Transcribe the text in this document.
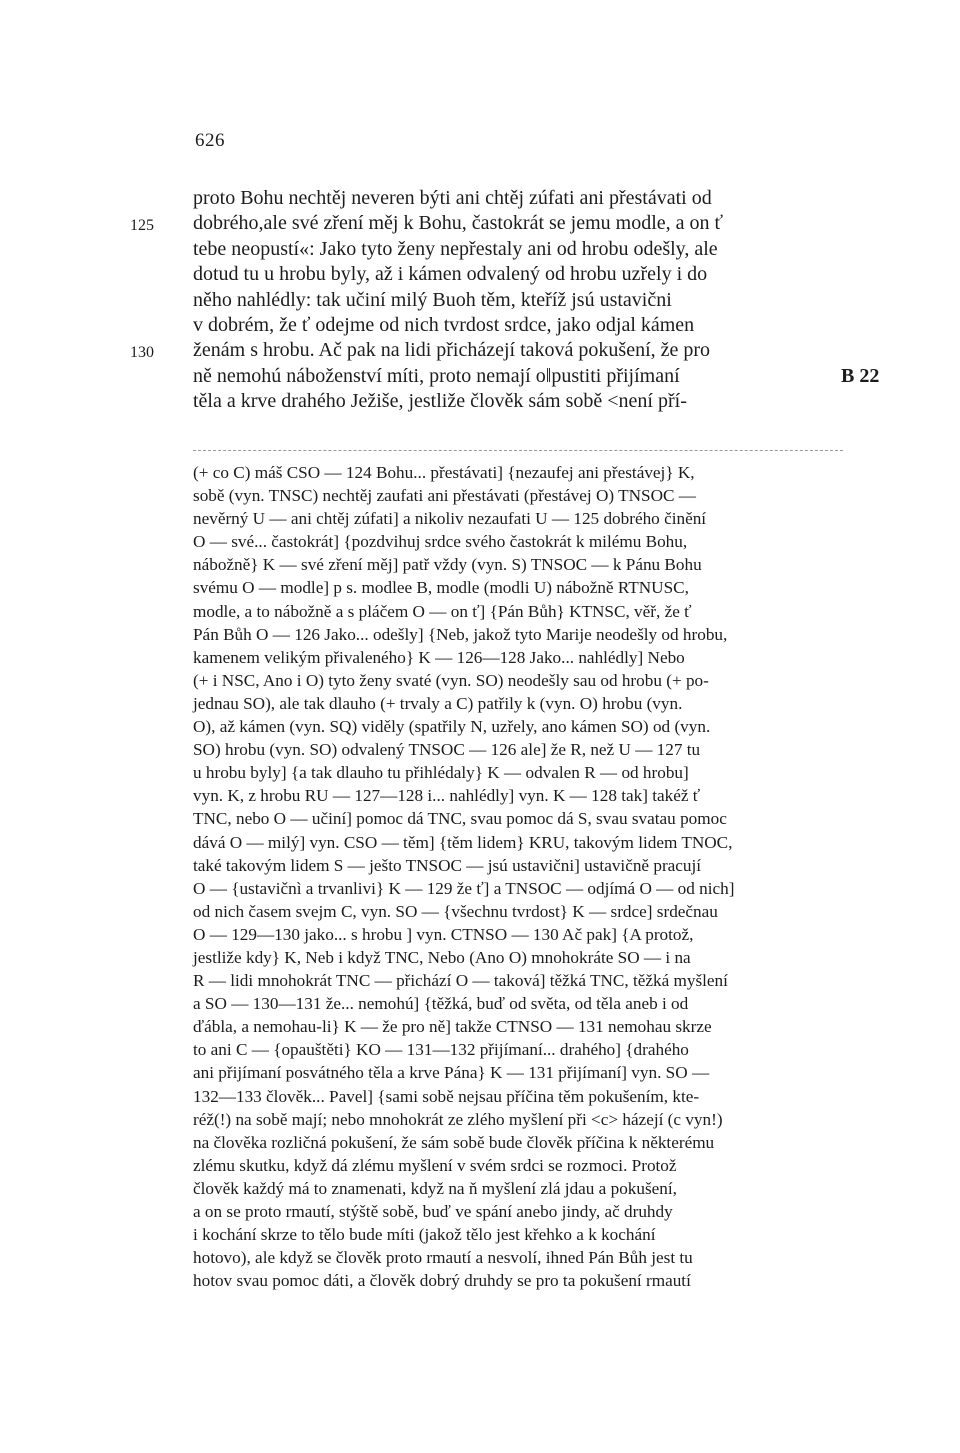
626
proto Bohu nechtěj neveren býti ani chtěj zúfati ani přestávati od
125	dobrého,ale své zření měj k Bohu, častokrát se jemu modle, a on ť
tebe neopustí«: Jako tyto ženy nepřestaly ani od hrobu odešly, ale
dotud tu u hrobu byly, až i kámen odvalený od hrobu uzřely i do
něho nahlédly: tak učiní milý Buoh těm, kteříž jsú ustavični
v dobrém, že ť odejme od nich tvrdost srdce, jako odjal kámen
130	ženám s hrobu. Ač pak na lidi přicházejí taková pokušení, že pro
ně nemohú náboženství míti, proto nemají o‖pustiti přijímaní	B 22
těla a krve drahého Ježiše, jestliže člověk sám sobě <není pří-
(+ co C) máš CSO — 124 Bohu... přestávati] {nezaufej ani přestávej} K,sobě (vyn. TNSC) nechtěj zaufati ani přestávati (přestávej O) TNSOC —nevěrný U — ani chtěj zúfati] a nikoliv nezaufati U — 125 dobrého činěníO — své... častokrát] {pozdvihuj srdce svého častokrát k milému Bohu,nábožně} K — své zření měj] patř vždy (vyn. S) TNSOC — k Pánu Bohusvému O — modle] p s. modlee B, modle (modli U) nábožně RTNUSC,modle, a to nábožně a s pláčem O — on ť] {Pán Bůh} KTNSC, věř, že ťPán Bůh O — 126 Jako... odešly] {Neb, jakož tyto Marije neodešly od hrobu,kamenem velikým přivaleného} K — 126—128 Jako... nahlédly] Nebo(+ i NSC, Ano i O) tyto ženy svaté (vyn. SO) neodešly sau od hrobu (+ po-jednau SO), ale tak dlauho (+ trvaly a C) patřily k (vyn. O) hrobu (vyn.O), až kámen (vyn. SQ) viděly (spatřily N, uzřely, ano kámen SO) od (vyn.SO) hrobu (vyn. SO) odvalený TNSOC — 126 ale] že R, než U — 127 tuu hrobu byly] {a tak dlauho tu přihlédaly} K — odvalen R — od hrobu]vyn. K, z hrobu RU — 127—128 i... nahlédly] vyn. K — 128 tak] takéž ťTNC, nebo O — učiní] pomoc dá TNC, svau pomoc dá S, svau svatau pomocdává O — milý] vyn. CSO — těm] {těm lidem} KRU, takovým lidem TNOC,také takovým lidem S — ješto TNSOC — jsú ustavični] ustavičně pracujíO — {ustavičnì a trvanlivi} K — 129 že ť] a TNSOC — odjímá O — od nich]od nich časem svejm C, vyn. SO — {všechnu tvrdost} K — srdce] srdečnauO — 129—130 jako... s hrobu ] vyn. CTNSO — 130 Ač pak] {A protož,jestliže kdy} K, Neb i když TNC, Nebo (Ano O) mnohokráte SO — i naR — lidi mnohokrát TNC — přichází O — taková] těžká TNC, těžká myšlenía SO — 130—131 že... nemohú] {těžká, buď od světa, od těla aneb i odďábla, a nemohau-li} K — že pro ně] takže CTNSO — 131 nemohau skrzeto ani C — {opauštěti} KO — 131—132 přijímaní... drahého] {drahéhoani přijímaní posvátného těla a krve Pána} K — 131 přijímaní] vyn. SO —132—133 člověk... Pavel] {sami sobě nejsau příčina těm pokušením, kte-réž(!) na sobě mají; nebo mnohokrát ze zlého myšlení při <c> házejí (c vyn!)na člověka rozličná pokušení, že sám sobě bude člověk příčina k některémuzlému skutku, když dá zlému myšlení v svém srdci se rozmoci. Protožčlověk každý má to znamenati, když na ň myšlení zlá jdau a pokušení,a on se proto rmautí, stýště sobě, buď ve spání anebo jindy, ač druhdyi kochání skrze to tělo bude míti (jakož tělo jest křehko a k kocháníhotovo), ale když se člověk proto rmautí a nesvolí, ihned Pán Bůh jest tuhotov svau pomoc dáti, a člověk dobrý druhdy se pro ta pokušení rmautí
